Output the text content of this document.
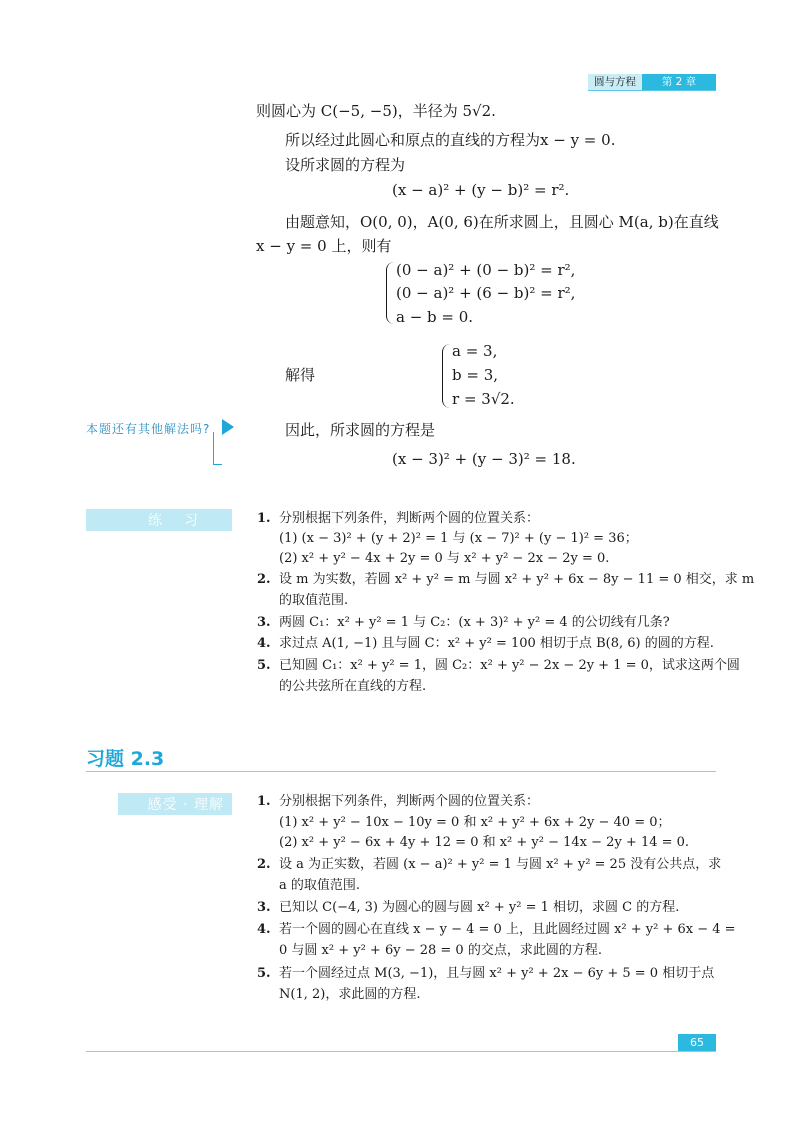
圆与方程	第 2 章
则圆心为 C(−5, −5)，半径为 5√2.
所以经过此圆心和原点的直线的方程为x − y = 0.
设所求圆的方程为
(x − a)² + (y − b)² = r².
由题意知，O(0, 0)，A(0, 6)在所求圆上，且圆心 M(a, b)在直线
x − y = 0 上，则有
(0 − a)² + (0 − b)² = r²,
(0 − a)² + (6 − b)² = r²,
a − b = 0.
解得
a = 3,
b = 3,
r = 3√2.
本题还有其他解法吗?	因此，所求圆的方程是
(x − 3)² + (y − 3)² = 18.
练　习	1. 分别根据下列条件，判断两个圆的位置关系：
(1) (x − 3)² + (y + 2)² = 1 与 (x − 7)² + (y − 1)² = 36；
(2) x² + y² − 4x + 2y = 0 与 x² + y² − 2x − 2y = 0.
2. 设 m 为实数，若圆 x² + y² = m 与圆 x² + y² + 6x − 8y − 11 = 0 相交，求 m
的取值范围.
3. 两圆 C₁：x² + y² = 1 与 C₂：(x + 3)² + y² = 4 的公切线有几条?
4. 求过点 A(1, −1) 且与圆 C：x² + y² = 100 相切于点 B(8, 6) 的圆的方程.
5. 已知圆 C₁：x² + y² = 1，圆 C₂：x² + y² − 2x − 2y + 1 = 0，试求这两个圆
的公共弦所在直线的方程.
习题 2.3
感受 · 理解	1. 分别根据下列条件，判断两个圆的位置关系：
(1) x² + y² − 10x − 10y = 0 和 x² + y² + 6x + 2y − 40 = 0；
(2) x² + y² − 6x + 4y + 12 = 0 和 x² + y² − 14x − 2y + 14 = 0.
2. 设 a 为正实数，若圆 (x − a)² + y² = 1 与圆 x² + y² = 25 没有公共点，求
a 的取值范围.
3. 已知以 C(−4, 3) 为圆心的圆与圆 x² + y² = 1 相切，求圆 C 的方程.
4. 若一个圆的圆心在直线 x − y − 4 = 0 上，且此圆经过圆 x² + y² + 6x − 4 =
0 与圆 x² + y² + 6y − 28 = 0 的交点，求此圆的方程.
5. 若一个圆经过点 M(3, −1)，且与圆 x² + y² + 2x − 6y + 5 = 0 相切于点
N(1, 2)，求此圆的方程.
65
